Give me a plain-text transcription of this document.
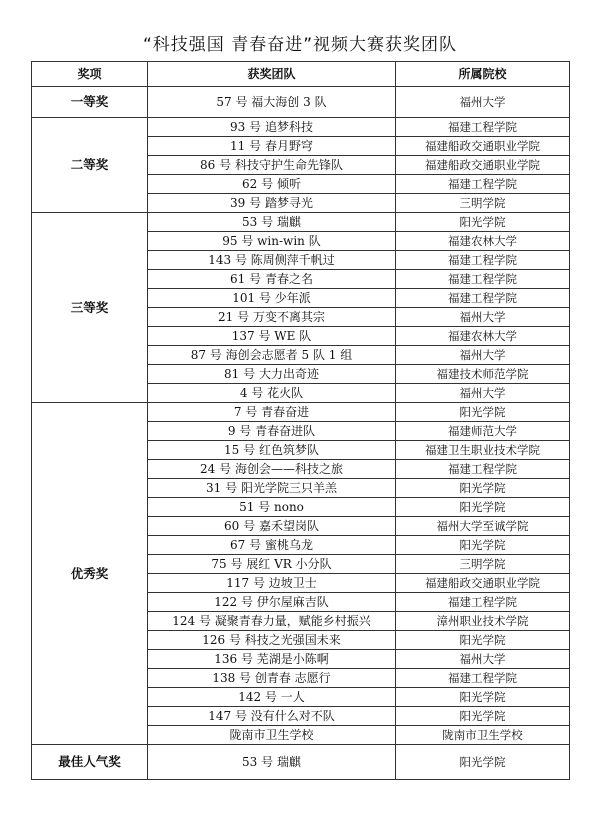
“科技强国 青春奋进”视频大赛获奖团队
奖项	获奖团队	所属院校
一等奖	57 号 福大海创 3 队	福州大学
二等奖	93 号 追梦科技	福建工程学院
	11 号 春月野穹	福建船政交通职业学院
	86 号 科技守护生命先锋队	福建船政交通职业学院
	62 号 倾听	福建工程学院
	39 号 踏梦寻光	三明学院
三等奖	53 号 瑞麒	阳光学院
	95 号 win-win 队	福建农林大学
	143 号 陈周侧萍千帆过	福建工程学院
	61 号 青春之名	福建工程学院
	101 号 少年派	福建工程学院
	21 号 万变不离其宗	福州大学
	137 号 WE 队	福建农林大学
	87 号 海创会志愿者 5 队 1 组	福州大学
	81 号 大力出奇迹	福建技术师范学院
	4 号 花火队	福州大学
优秀奖	7 号 青春奋进	阳光学院
	9 号 青春奋进队	福建师范大学
	15 号 红色筑梦队	福建卫生职业技术学院
	24 号 海创会——科技之旅	福建工程学院
	31 号 阳光学院三只羊羔	阳光学院
	51 号 nono	阳光学院
	60 号 嘉禾望岗队	福州大学至诚学院
	67 号 蜜桃乌龙	阳光学院
	75 号 展红 VR 小分队	三明学院
	117 号 边坡卫士	福建船政交通职业学院
	122 号 伊尔屋麻吉队	福建工程学院
	124 号 凝聚青春力量，赋能乡村振兴	漳州职业技术学院
	126 号 科技之光强国未来	阳光学院
	136 号 芜湖是小陈啊	福州大学
	138 号 创青春 志愿行	福建工程学院
	142 号 一人	阳光学院
	147 号 没有什么对不队	阳光学院
	陇南市卫生学校	陇南市卫生学校
最佳人气奖	53 号 瑞麒	阳光学院
